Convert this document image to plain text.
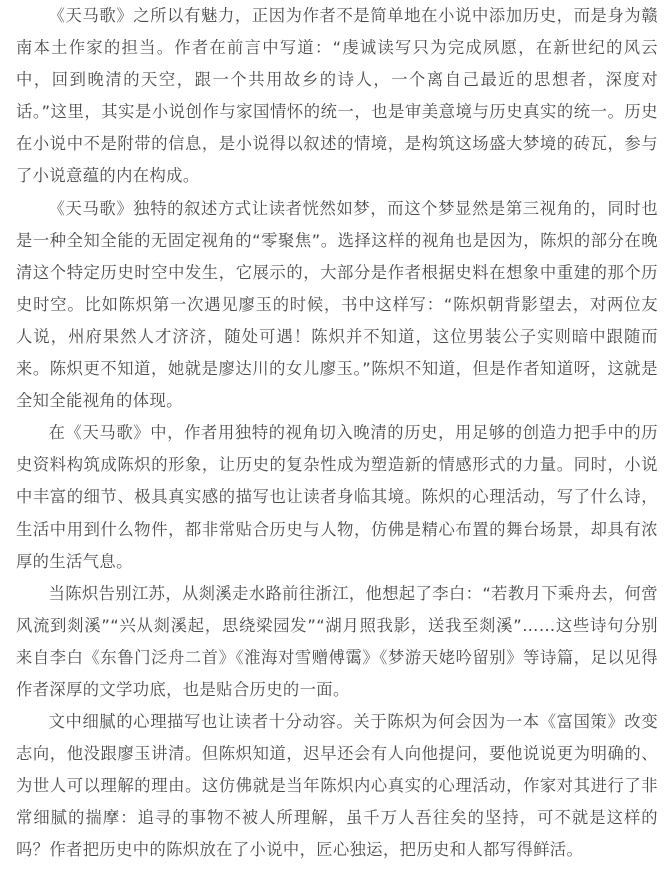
《天马歌》之所以有魅力，正因为作者不是简单地在小说中添加历史，而是身为赣南本土作家的担当。作者在前言中写道：“虔诚读写只为完成夙愿，在新世纪的风云中，回到晚清的天空，跟一个共用故乡的诗人，一个离自己最近的思想者，深度对话。”这里，其实是小说创作与家国情怀的统一，也是审美意境与历史真实的统一。历史在小说中不是附带的信息，是小说得以叙述的情境，是构筑这场盛大梦境的砖瓦，参与了小说意蕴的内在构成。

《天马歌》独特的叙述方式让读者恍然如梦，而这个梦显然是第三视角的，同时也是一种全知全能的无固定视角的“零聚焦”。选择这样的视角也是因为，陈炽的部分在晚清这个特定历史时空中发生，它展示的，大部分是作者根据史料在想象中重建的那个历史时空。比如陈炽第一次遇见廖玉的时候，书中这样写：“陈炽朝背影望去，对两位友人说，州府果然人才济济，随处可遇！陈炽并不知道，这位男装公子实则暗中跟随而来。陈炽更不知道，她就是廖达川的女儿廖玉。”陈炽不知道，但是作者知道呀，这就是全知全能视角的体现。

在《天马歌》中，作者用独特的视角切入晚清的历史，用足够的创造力把手中的历史资料构筑成陈炽的形象，让历史的复杂性成为塑造新的情感形式的力量。同时，小说中丰富的细节、极具真实感的描写也让读者身临其境。陈炽的心理活动，写了什么诗，生活中用到什么物件，都非常贴合历史与人物，仿佛是精心布置的舞台场景，却具有浓厚的生活气息。

当陈炽告别江苏，从剡溪走水路前往浙江，他想起了李白：“若教月下乘舟去，何啻风流到剡溪”“兴从剡溪起，思绕梁园发”“湖月照我影，送我至剡溪”……这些诗句分别来自李白《东鲁门泛舟二首》《淮海对雪赠傅霭》《梦游天姥吟留别》等诗篇，足以见得作者深厚的文学功底，也是贴合历史的一面。

文中细腻的心理描写也让读者十分动容。关于陈炽为何会因为一本《富国策》改变志向，他没跟廖玉讲清。但陈炽知道，迟早还会有人向他提问，要他说说更为明确的、为世人可以理解的理由。这仿佛就是当年陈炽内心真实的心理活动，作家对其进行了非常细腻的揣摩：追寻的事物不被人所理解，虽千万人吾往矣的坚持，可不就是这样的吗？作者把历史中的陈炽放在了小说中，匠心独运，把历史和人都写得鲜活。
